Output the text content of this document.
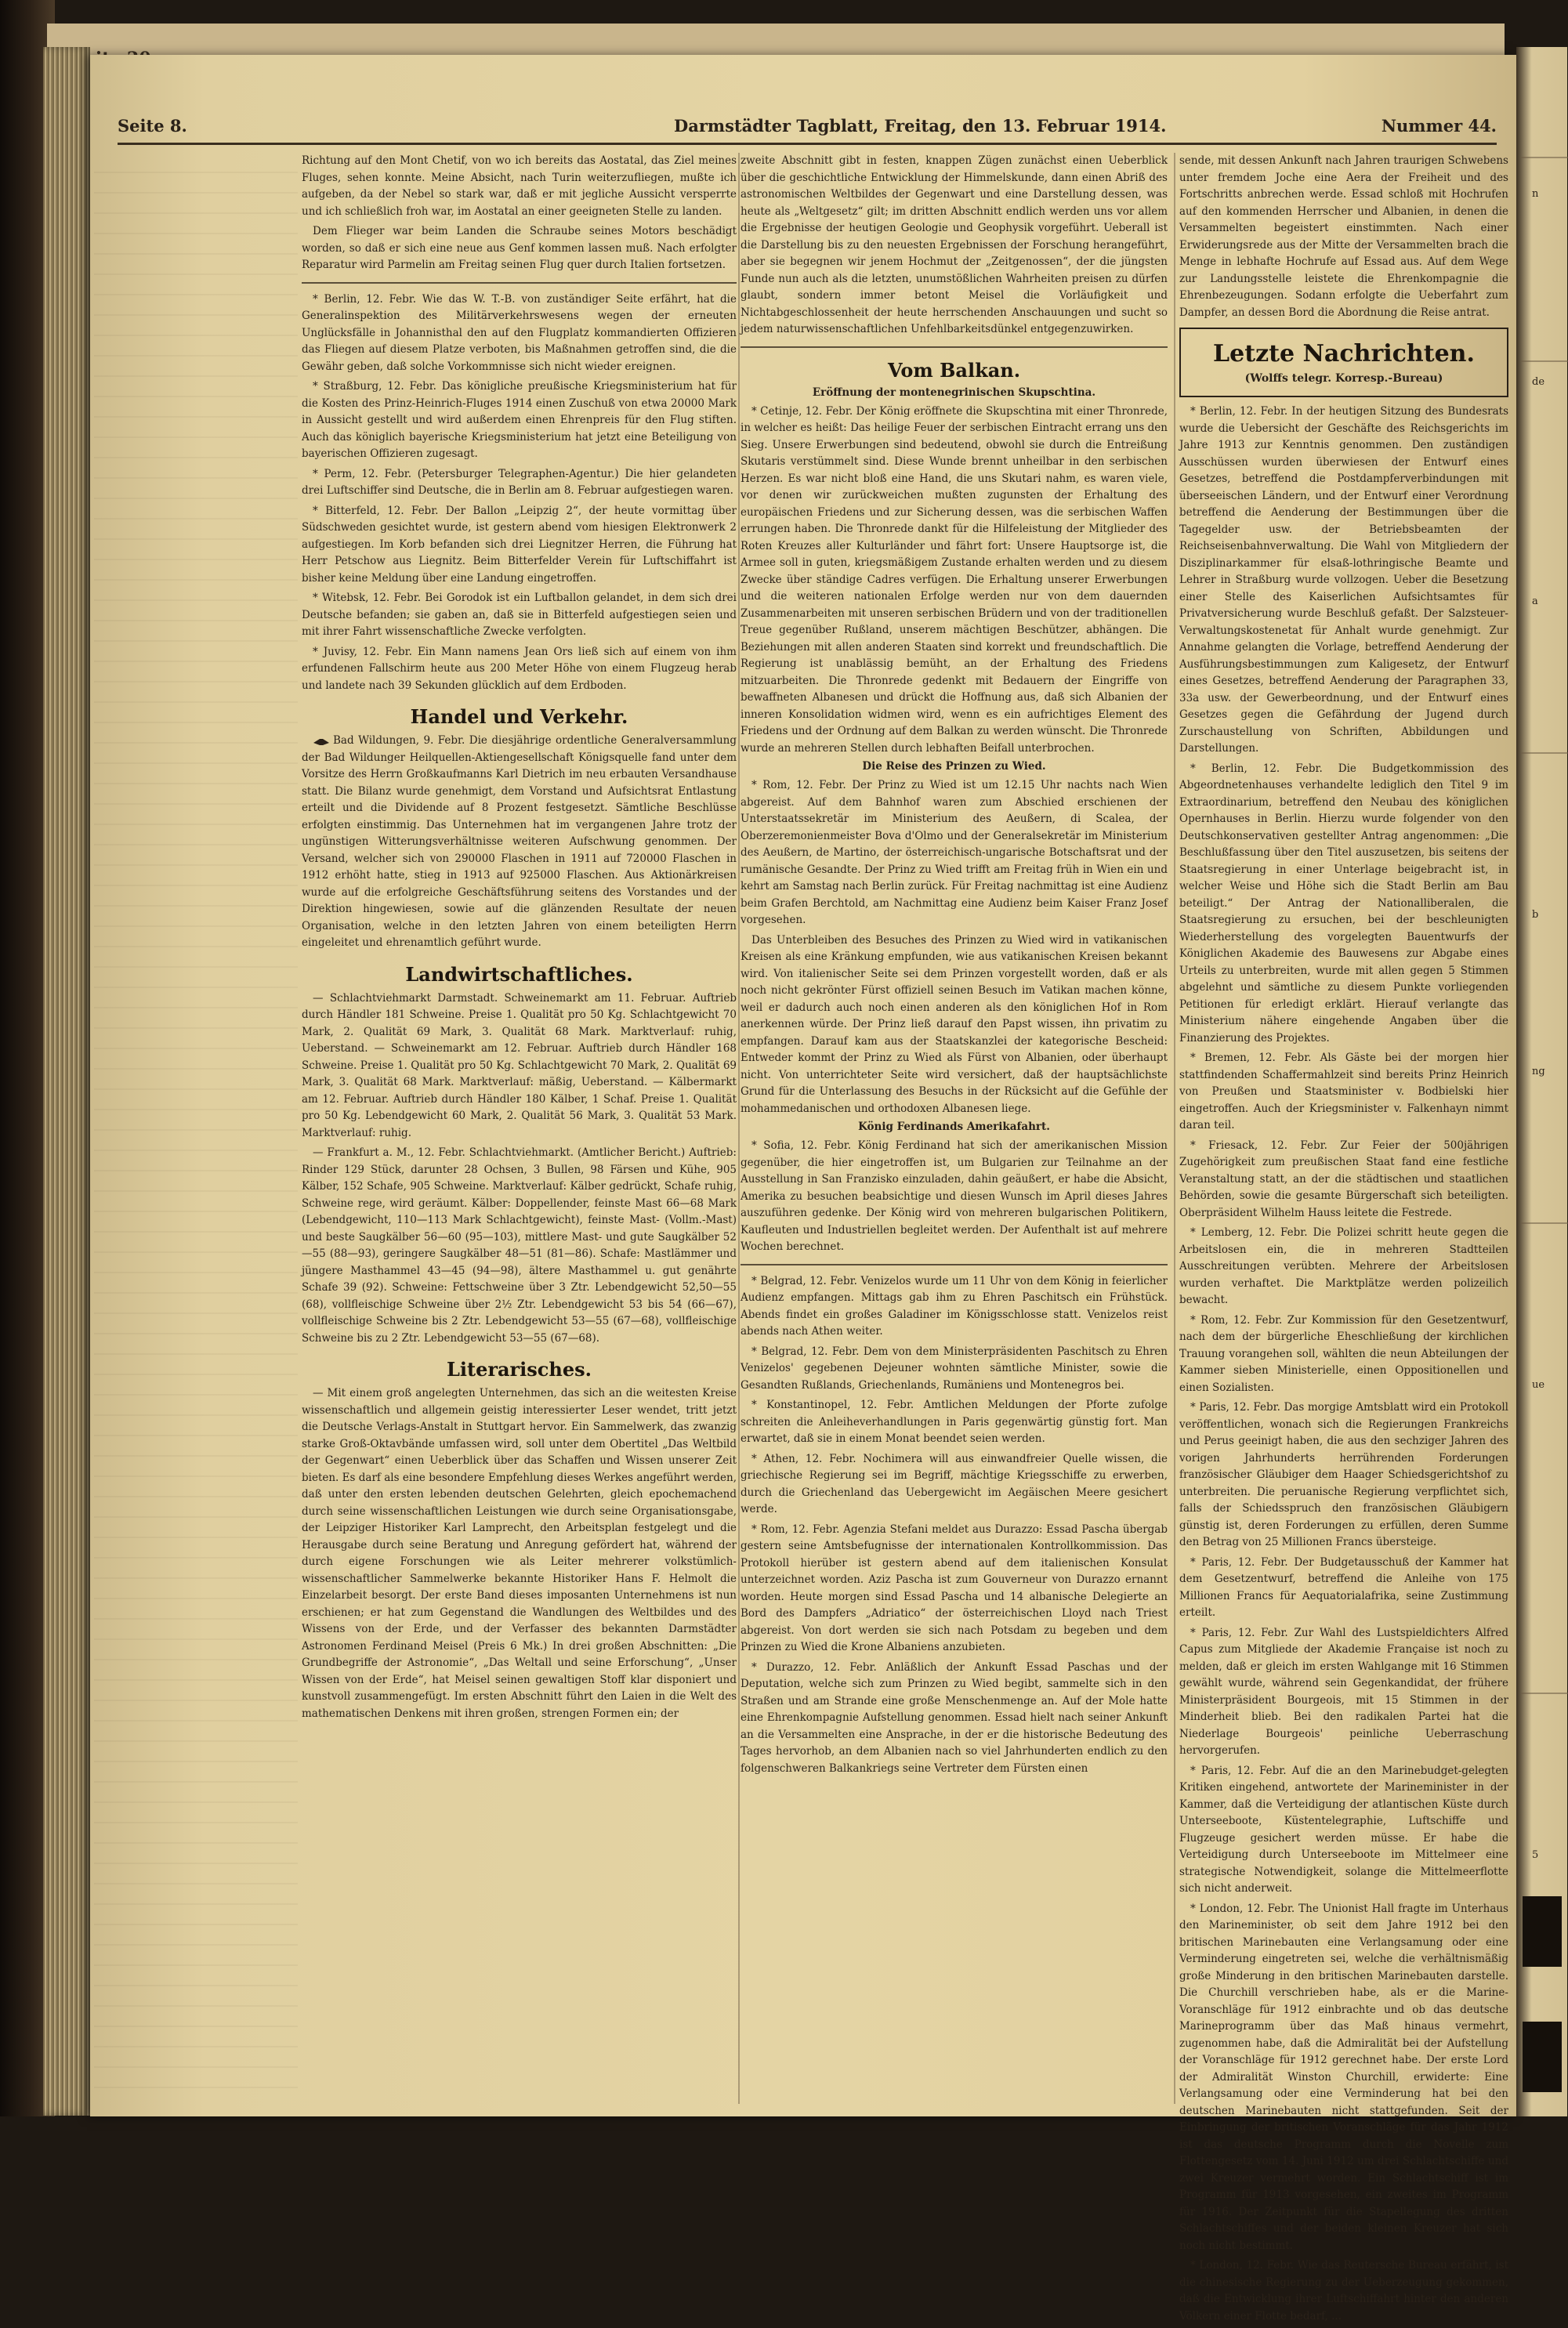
Seite 8.	Darmstädter Tagblatt, Freitag, den 13. Februar 1914.	Nummer 44.

Richtung auf den Mont Chetif, von wo ich bereits das Aostatal, das Ziel meines Fluges, sehen konnte. Meine Absicht, nach Turin weiterzufliegen, mußte ich aufgeben, da der Nebel so stark war, daß er mit jegliche Aussicht versperrte und ich schließlich froh war, im Aostatal an einer geeigneten Stelle zu landen.

Dem Flieger war beim Landen die Schraube seines Motors beschädigt worden, so daß er sich eine neue aus Genf kommen lassen muß. Nach erfolgter Reparatur wird Parmelin am Freitag seinen Flug quer durch Italien fortsetzen.

* Berlin, 12. Febr. Wie das W. T.-B. von zuständiger Seite erfährt, hat die Generalinspektion des Militärverkehrswesens wegen der erneuten Unglücksfälle in Johannisthal den auf den Flugplatz kommandierten Offizieren das Fliegen auf diesem Platze verboten, bis Maßnahmen getroffen sind, die die Gewähr geben, daß solche Vorkommnisse sich nicht wieder ereignen.

* Straßburg, 12. Febr. Das königliche preußische Kriegsministerium hat für die Kosten des Prinz-Heinrich-Fluges 1914 einen Zuschuß von etwa 20000 Mark in Aussicht gestellt und wird außerdem einen Ehrenpreis für den Flug stiften. Auch das königlich bayerische Kriegsministerium hat jetzt eine Beteiligung von bayerischen Offizieren zugesagt.

* Perm, 12. Febr. (Petersburger Telegraphen-Agentur.) Die hier gelandeten drei Luftschiffer sind Deutsche, die in Berlin am 8. Februar aufgestiegen waren.

* Bitterfeld, 12. Febr. Der Ballon „Leipzig 2“, der heute vormittag über Südschweden gesichtet wurde, ist gestern abend vom hiesigen Elektronwerk 2 aufgestiegen. Im Korb befanden sich drei Liegnitzer Herren, die Führung hat Herr Petschow aus Liegnitz. Beim Bitterfelder Verein für Luftschiffahrt ist bisher keine Meldung über eine Landung eingetroffen.

* Witebsk, 12. Febr. Bei Gorodok ist ein Luftballon gelandet, in dem sich drei Deutsche befanden; sie gaben an, daß sie in Bitterfeld aufgestiegen seien und mit ihrer Fahrt wissenschaftliche Zwecke verfolgten.

* Juvisy, 12. Febr. Ein Mann namens Jean Ors ließ sich auf einem von ihm erfundenen Fallschirm heute aus 200 Meter Höhe von einem Flugzeug herab und landete nach 39 Sekunden glücklich auf dem Erdboden.

Handel und Verkehr.

Bad Wildungen, 9. Febr. Die diesjährige ordentliche Generalversammlung der Bad Wildunger Heilquellen-Aktiengesellschaft Königsquelle fand unter dem Vorsitze des Herrn Großkaufmanns Karl Dietrich im neu erbauten Versandhause statt. Die Bilanz wurde genehmigt, dem Vorstand und Aufsichtsrat Entlastung erteilt und die Dividende auf 8 Prozent festgesetzt. Sämtliche Beschlüsse erfolgten einstimmig. Das Unternehmen hat im vergangenen Jahre trotz der ungünstigen Witterungsverhältnisse weiteren Aufschwung genommen. Der Versand, welcher sich von 290000 Flaschen in 1911 auf 720000 Flaschen in 1912 erhöht hatte, stieg in 1913 auf 925000 Flaschen. Aus Aktionärkreisen wurde auf die erfolgreiche Geschäftsführung seitens des Vorstandes und der Direktion hingewiesen, sowie auf die glänzenden Resultate der neuen Organisation, welche in den letzten Jahren von einem beteiligten Herrn eingeleitet und ehrenamtlich geführt wurde.

Landwirtschaftliches.

— Schlachtviehmarkt Darmstadt. Schweinemarkt am 11. Februar. Auftrieb durch Händler 181 Schweine. Preise 1. Qualität pro 50 Kg. Schlachtgewicht 70 Mark, 2. Qualität 69 Mark, 3. Qualität 68 Mark. Marktverlauf: ruhig, Ueberstand. — Schweinemarkt am 12. Februar. Auftrieb durch Händler 168 Schweine. Preise 1. Qualität pro 50 Kg. Schlachtgewicht 70 Mark, 2. Qualität 69 Mark, 3. Qualität 68 Mark. Marktverlauf: mäßig, Ueberstand. — Kälbermarkt am 12. Februar. Auftrieb durch Händler 180 Kälber, 1 Schaf. Preise 1. Qualität pro 50 Kg. Lebendgewicht 60 Mark, 2. Qualität 56 Mark, 3. Qualität 53 Mark. Marktverlauf: ruhig.

— Frankfurt a. M., 12. Febr. Schlachtviehmarkt. (Amtlicher Bericht.) Auftrieb: Rinder 129 Stück, darunter 28 Ochsen, 3 Bullen, 98 Färsen und Kühe, 905 Kälber, 152 Schafe, 905 Schweine. Marktverlauf: Kälber gedrückt, Schafe ruhig, Schweine rege, wird geräumt. Kälber: Doppellender, feinste Mast 66—68 Mark (Lebendgewicht, 110—113 Mark Schlachtgewicht), feinste Mast- (Vollm.-Mast) und beste Saugkälber 56—60 (95—103), mittlere Mast- und gute Saugkälber 52—55 (88—93), geringere Saugkälber 48—51 (81—86). Schafe: Mastlämmer und jüngere Masthammel 43—45 (94—98), ältere Masthammel u. gut genährte Schafe 39 (92). Schweine: Fettschweine über 3 Ztr. Lebendgewicht 52,50—55 (68), vollfleischige Schweine über 2½ Ztr. Lebendgewicht 53 bis 54 (66—67), vollfleischige Schweine bis 2 Ztr. Lebendgewicht 53—55 (67—68), vollfleischige Schweine bis zu 2 Ztr. Lebendgewicht 53—55 (67—68).

Literarisches.

— Mit einem groß angelegten Unternehmen, das sich an die weitesten Kreise wissenschaftlich und allgemein geistig interessierter Leser wendet, tritt jetzt die Deutsche Verlags-Anstalt in Stuttgart hervor. Ein Sammelwerk, das zwanzig starke Groß-Oktavbände umfassen wird, soll unter dem Obertitel „Das Weltbild der Gegenwart“ einen Ueberblick über das Schaffen und Wissen unserer Zeit bieten. Es darf als eine besondere Empfehlung dieses Werkes angeführt werden, daß unter den ersten lebenden deutschen Gelehrten, gleich epochemachend durch seine wissenschaftlichen Leistungen wie durch seine Organisationsgabe, der Leipziger Historiker Karl Lamprecht, den Arbeitsplan festgelegt und die Herausgabe durch seine Beratung und Anregung gefördert hat, während der durch eigene Forschungen wie als Leiter mehrerer volkstümlich-wissenschaftlicher Sammelwerke bekannte Historiker Hans F. Helmolt die Einzelarbeit besorgt. Der erste Band dieses imposanten Unternehmens ist nun erschienen; er hat zum Gegenstand die Wandlungen des Weltbildes und des Wissens von der Erde, und der Verfasser des bekannten Darmstädter Astronomen Ferdinand Meisel (Preis 6 Mk.) In drei großen Abschnitten: „Die Grundbegriffe der Astronomie“, „Das Weltall und seine Erforschung“, „Unser Wissen von der Erde“, hat Meisel seinen gewaltigen Stoff klar disponiert und kunstvoll zusammengefügt. Im ersten Abschnitt führt den Laien in die Welt des mathematischen Denkens mit ihren großen, strengen Formen ein; der

zweite Abschnitt gibt in festen, knappen Zügen zunächst einen Ueberblick über die geschichtliche Entwicklung der Himmelskunde, dann einen Abriß des astronomischen Weltbildes der Gegenwart und eine Darstellung dessen, was heute als „Weltgesetz“ gilt; im dritten Abschnitt endlich werden uns vor allem die Ergebnisse der heutigen Geologie und Geophysik vorgeführt. Ueberall ist die Darstellung bis zu den neuesten Ergebnissen der Forschung herangeführt, aber sie begegnen wir jenem Hochmut der „Zeitgenossen“, der die jüngsten Funde nun auch als die letzten, unumstößlichen Wahrheiten preisen zu dürfen glaubt, sondern immer betont Meisel die Vorläufigkeit und Nichtabgeschlossenheit der heute herrschenden Anschauungen und sucht so jedem naturwissenschaftlichen Unfehlbarkeitsdünkel entgegenzuwirken.

Vom Balkan.
Eröffnung der montenegrinischen Skupschtina.

* Cetinje, 12. Febr. Der König eröffnete die Skupschtina mit einer Thronrede, in welcher es heißt: Das heilige Feuer der serbischen Eintracht errang uns den Sieg. Unsere Erwerbungen sind bedeutend, obwohl sie durch die Entreißung Skutaris verstümmelt sind. Diese Wunde brennt unheilbar in den serbischen Herzen. Es war nicht bloß eine Hand, die uns Skutari nahm, es waren viele, vor denen wir zurückweichen mußten zugunsten der Erhaltung des europäischen Friedens und zur Sicherung dessen, was die serbischen Waffen errungen haben. Die Thronrede dankt für die Hilfeleistung der Mitglieder des Roten Kreuzes aller Kulturländer und fährt fort: Unsere Hauptsorge ist, die Armee soll in guten, kriegsmäßigem Zustande erhalten werden und zu diesem Zwecke über ständige Cadres verfügen. Die Erhaltung unserer Erwerbungen und die weiteren nationalen Erfolge werden nur von dem dauernden Zusammenarbeiten mit unseren serbischen Brüdern und von der traditionellen Treue gegenüber Rußland, unserem mächtigen Beschützer, abhängen. Die Beziehungen mit allen anderen Staaten sind korrekt und freundschaftlich. Die Regierung ist unablässig bemüht, an der Erhaltung des Friedens mitzuarbeiten. Die Thronrede gedenkt mit Bedauern der Eingriffe von bewaffneten Albanesen und drückt die Hoffnung aus, daß sich Albanien der inneren Konsolidation widmen wird, wenn es ein aufrichtiges Element des Friedens und der Ordnung auf dem Balkan zu werden wünscht. Die Thronrede wurde an mehreren Stellen durch lebhaften Beifall unterbrochen.

Die Reise des Prinzen zu Wied.

* Rom, 12. Febr. Der Prinz zu Wied ist um 12.15 Uhr nachts nach Wien abgereist. Auf dem Bahnhof waren zum Abschied erschienen der Unterstaatssekretär im Ministerium des Aeußern, di Scalea, der Oberzeremonienmeister Bova d'Olmo und der Generalsekretär im Ministerium des Aeußern, de Martino, der österreichisch-ungarische Botschaftsrat und der rumänische Gesandte. Der Prinz zu Wied trifft am Freitag früh in Wien ein und kehrt am Samstag nach Berlin zurück. Für Freitag nachmittag ist eine Audienz beim Grafen Berchtold, am Nachmittag eine Audienz beim Kaiser Franz Josef vorgesehen.

Das Unterbleiben des Besuches des Prinzen zu Wied wird in vatikanischen Kreisen als eine Kränkung empfunden, wie aus vatikanischen Kreisen bekannt wird. Von italienischer Seite sei dem Prinzen vorgestellt worden, daß er als noch nicht gekrönter Fürst offiziell seinen Besuch im Vatikan machen könne, weil er dadurch auch noch einen anderen als den königlichen Hof in Rom anerkennen würde. Der Prinz ließ darauf den Papst wissen, ihn privatim zu empfangen. Darauf kam aus der Staatskanzlei der kategorische Bescheid: Entweder kommt der Prinz zu Wied als Fürst von Albanien, oder überhaupt nicht. Von unterrichteter Seite wird versichert, daß der hauptsächlichste Grund für die Unterlassung des Besuchs in der Rücksicht auf die Gefühle der mohammedanischen und orthodoxen Albanesen liege.

König Ferdinands Amerikafahrt.

* Sofia, 12. Febr. König Ferdinand hat sich der amerikanischen Mission gegenüber, die hier eingetroffen ist, um Bulgarien zur Teilnahme an der Ausstellung in San Franzisko einzuladen, dahin geäußert, er habe die Absicht, Amerika zu besuchen beabsichtige und diesen Wunsch im April dieses Jahres auszuführen gedenke. Der König wird von mehreren bulgarischen Politikern, Kaufleuten und Industriellen begleitet werden. Der Aufenthalt ist auf mehrere Wochen berechnet.

* Belgrad, 12. Febr. Venizelos wurde um 11 Uhr von dem König in feierlicher Audienz empfangen. Mittags gab ihm zu Ehren Paschitsch ein Frühstück. Abends findet ein großes Galadiner im Königsschlosse statt. Venizelos reist abends nach Athen weiter.

* Belgrad, 12. Febr. Dem von dem Ministerpräsidenten Paschitsch zu Ehren Venizelos' gegebenen Dejeuner wohnten sämtliche Minister, sowie die Gesandten Rußlands, Griechenlands, Rumäniens und Montenegros bei.

* Konstantinopel, 12. Febr. Amtlichen Meldungen der Pforte zufolge schreiten die Anleiheverhandlungen in Paris gegenwärtig günstig fort. Man erwartet, daß sie in einem Monat beendet seien werden.

* Athen, 12. Febr. Nochimera will aus einwandfreier Quelle wissen, die griechische Regierung sei im Begriff, mächtige Kriegsschiffe zu erwerben, durch die Griechenland das Uebergewicht im Aegäischen Meere gesichert werde.

* Rom, 12. Febr. Agenzia Stefani meldet aus Durazzo: Essad Pascha übergab gestern seine Amtsbefugnisse der internationalen Kontrollkommission. Das Protokoll hierüber ist gestern abend auf dem italienischen Konsulat unterzeichnet worden. Aziz Pascha ist zum Gouverneur von Durazzo ernannt worden. Heute morgen sind Essad Pascha und 14 albanische Delegierte an Bord des Dampfers „Adriatico“ der österreichischen Lloyd nach Triest abgereist. Von dort werden sie sich nach Potsdam zu begeben und dem Prinzen zu Wied die Krone Albaniens anzubieten.

* Durazzo, 12. Febr. Anläßlich der Ankunft Essad Paschas und der Deputation, welche sich zum Prinzen zu Wied begibt, sammelte sich in den Straßen und am Strande eine große Menschenmenge an. Auf der Mole hatte eine Ehrenkompagnie Aufstellung genommen. Essad hielt nach seiner Ankunft an die Versammelten eine Ansprache, in der er die historische Bedeutung des Tages hervorhob, an dem Albanien nach so viel Jahrhunderten endlich zu den folgenschweren Balkankriegs seine Vertreter dem Fürsten einen

sende, mit dessen Ankunft nach Jahren traurigen Schwebens unter fremdem Joche eine Aera der Freiheit und des Fortschritts anbrechen werde. Essad schloß mit Hochrufen auf den kommenden Herrscher und Albanien, in denen die Versammelten begeistert einstimmten. Nach einer Erwiderungsrede aus der Mitte der Versammelten brach die Menge in lebhafte Hochrufe auf Essad aus. Auf dem Wege zur Landungsstelle leistete die Ehrenkompagnie die Ehrenbezeugungen. Sodann erfolgte die Ueberfahrt zum Dampfer, an dessen Bord die Abordnung die Reise antrat.

Letzte Nachrichten.
(Wolffs telegr. Korresp.-Bureau)

* Berlin, 12. Febr. In der heutigen Sitzung des Bundesrats wurde die Uebersicht der Geschäfte des Reichsgerichts im Jahre 1913 zur Kenntnis genommen. Den zuständigen Ausschüssen wurden überwiesen der Entwurf eines Gesetzes, betreffend die Postdampferverbindungen mit überseeischen Ländern, und der Entwurf einer Verordnung betreffend die Aenderung der Bestimmungen über die Tagegelder usw. der Betriebsbeamten der Reichseisenbahnverwaltung. Die Wahl von Mitgliedern der Disziplinarkammer für elsaß-lothringische Beamte und Lehrer in Straßburg wurde vollzogen. Ueber die Besetzung einer Stelle des Kaiserlichen Aufsichtsamtes für Privatversicherung wurde Beschluß gefaßt. Der Salzsteuer-Verwaltungskostenetat für Anhalt wurde genehmigt. Zur Annahme gelangten die Vorlage, betreffend Aenderung der Ausführungsbestimmungen zum Kaligesetz, der Entwurf eines Gesetzes, betreffend Aenderung der Paragraphen 33, 33a usw. der Gewerbeordnung, und der Entwurf eines Gesetzes gegen die Gefährdung der Jugend durch Zurschaustellung von Schriften, Abbildungen und Darstellungen.

* Berlin, 12. Febr. Die Budgetkommission des Abgeordnetenhauses verhandelte lediglich den Titel 9 im Extraordinarium, betreffend den Neubau des königlichen Opernhauses in Berlin. Hierzu wurde folgender von den Deutschkonservativen gestellter Antrag angenommen: „Die Beschlußfassung über den Titel auszusetzen, bis seitens der Staatsregierung in einer Unterlage beigebracht ist, in welcher Weise und Höhe sich die Stadt Berlin am Bau beteiligt.“ Der Antrag der Nationalliberalen, die Staatsregierung zu ersuchen, bei der beschleunigten Wiederherstellung des vorgelegten Bauentwurfs der Königlichen Akademie des Bauwesens zur Abgabe eines Urteils zu unterbreiten, wurde mit allen gegen 5 Stimmen abgelehnt und sämtliche zu diesem Punkte vorliegenden Petitionen für erledigt erklärt. Hierauf verlangte das Ministerium nähere eingehende Angaben über die Finanzierung des Projektes.

* Bremen, 12. Febr. Als Gäste bei der morgen hier stattfindenden Schaffermahlzeit sind bereits Prinz Heinrich von Preußen und Staatsminister v. Bodbielski hier eingetroffen. Auch der Kriegsminister v. Falkenhayn nimmt daran teil.

* Friesack, 12. Febr. Zur Feier der 500jährigen Zugehörigkeit zum preußischen Staat fand eine festliche Veranstaltung statt, an der die städtischen und staatlichen Behörden, sowie die gesamte Bürgerschaft sich beteiligten. Oberpräsident Wilhelm Hauss leitete die Festrede.

* Lemberg, 12. Febr. Die Polizei schritt heute gegen die Arbeitslosen ein, die in mehreren Stadtteilen Ausschreitungen verübten. Mehrere der Arbeitslosen wurden verhaftet. Die Marktplätze werden polizeilich bewacht.

* Rom, 12. Febr. Zur Kommission für den Gesetzentwurf, nach dem der bürgerliche Eheschließung der kirchlichen Trauung vorangehen soll, wählten die neun Abteilungen der Kammer sieben Ministerielle, einen Oppositionellen und einen Sozialisten.

* Paris, 12. Febr. Das morgige Amtsblatt wird ein Protokoll veröffentlichen, wonach sich die Regierungen Frankreichs und Perus geeinigt haben, die aus den sechziger Jahren des vorigen Jahrhunderts herrührenden Forderungen französischer Gläubiger dem Haager Schiedsgerichtshof zu unterbreiten. Die peruanische Regierung verpflichtet sich, falls der Schiedsspruch den französischen Gläubigern günstig ist, deren Forderungen zu erfüllen, deren Summe den Betrag von 25 Millionen Francs übersteige.

* Paris, 12. Febr. Der Budgetausschuß der Kammer hat dem Gesetzentwurf, betreffend die Anleihe von 175 Millionen Francs für Aequatorialafrika, seine Zustimmung erteilt.

* Paris, 12. Febr. Zur Wahl des Lustspieldichters Alfred Capus zum Mitgliede der Akademie Française ist noch zu melden, daß er gleich im ersten Wahlgange mit 16 Stimmen gewählt wurde, während sein Gegenkandidat, der frühere Ministerpräsident Bourgeois, mit 15 Stimmen in der Minderheit blieb. Bei den radikalen Partei hat die Niederlage Bourgeois' peinliche Ueberraschung hervorgerufen.

* Paris, 12. Febr. Auf die an den Marinebudget-gelegten Kritiken eingehend, antwortete der Marineminister in der Kammer, daß die Verteidigung der atlantischen Küste durch Unterseeboote, Küstentelegraphie, Luftschiffe und Flugzeuge gesichert werden müsse. Er habe die Verteidigung durch Unterseeboote im Mittelmeer eine strategische Notwendigkeit, solange die Mittelmeerflotte sich nicht anderweit.

* London, 12. Febr. The Unionist Hall fragte im Unterhaus den Marineminister, ob seit dem Jahre 1912 bei den britischen Marinebauten eine Verlangsamung oder eine Verminderung eingetreten sei, welche die verhältnismäßig große Minderung in den britischen Marinebauten darstelle. Die Churchill verschrieben habe, als er die Marine-Voranschläge für 1912 einbrachte und ob das deutsche Marineprogramm über das Maß hinaus vermehrt, zugenommen habe, daß die Admiralität bei der Aufstellung der Voranschläge für 1912 gerechnet habe. Der erste Lord der Admiralität Winston Churchill, erwiderte: Eine Verlangsamung oder eine Verminderung hat bei den deutschen Marinebauten nicht stattgefunden. Seit der Einbringung der britischen Voranschläge für das Jahr 1912 ist das deutsche Programm durch die Novelle zum Flottengesetz vom 14. Juni 1912 um drei Schlachtschiffe und zwei Kreuzer vermehrt worden. Ein Schlachtschiff ist im Programm für 1913 vorgesehen, ein zweites im Programm für 1916. Der Zeitpunkt für die Stapellegung des dritten Schlachtschiffes und der beiden kleinen Kreuzer hat sich noch nicht bestimmt.

* London, 12. Febr. Wie das Reutersche Bureau erfährt, ist die chinesische Regierung zu der Ueberzeugung gekommen, daß die Entwicklung ihrer Luftschiffahrt hinter den anderen Völkern einer Flotte bedarf, ...

n
de
a
b
ng
ue
5
